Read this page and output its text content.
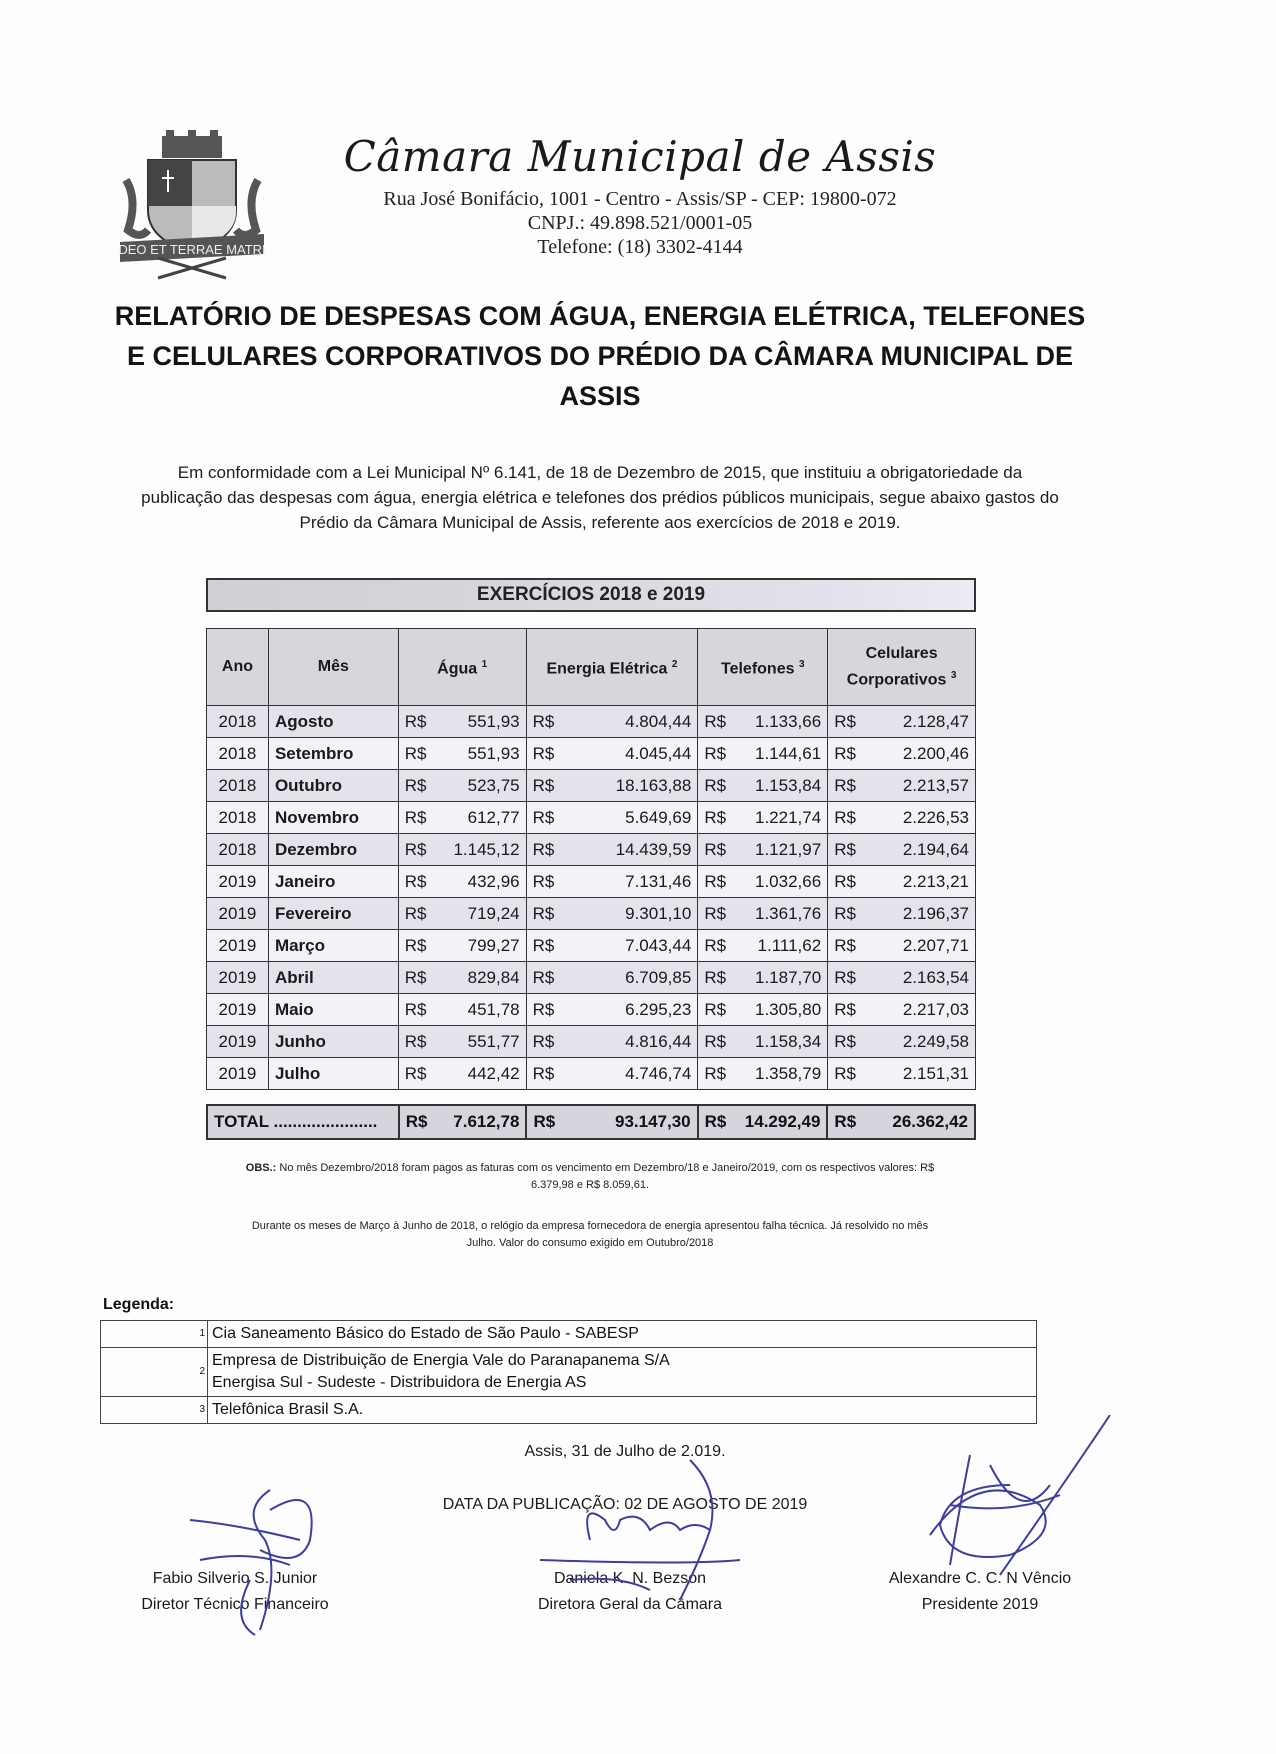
DEO ET TERRAE MATRI
Câmara Municipal de Assis
Rua José Bonifácio, 1001 - Centro - Assis/SP - CEP: 19800-072
CNPJ.: 49.898.521/0001-05
Telefone: (18) 3302-4144
RELATÓRIO DE DESPESAS COM ÁGUA, ENERGIA ELÉTRICA, TELEFONES
E CELULARES CORPORATIVOS DO PRÉDIO DA CÂMARA MUNICIPAL DE
ASSIS
Em conformidade com a Lei Municipal Nº 6.141, de 18 de Dezembro de 2015, que instituiu a obrigatoriedade da
publicação das despesas com água, energia elétrica e telefones dos prédios públicos municipais, segue abaixo gastos do
Prédio da Câmara Municipal de Assis, referente aos exercícios de 2018 e 2019.
EXERCÍCIOS 2018 e 2019
Ano	Mês	Água $^1$	Energia Elétrica $^2$	Telefones $^3$	Celulares
Corporativos $^3$
2018	Agosto	R$ 551,93	R$ 4.804,44	R$ 1.133,66	R$ 2.128,47

2018	Setembro	R$ 551,93	R$ 4.045,44	R$ 1.144,61	R$ 2.200,46

2018	Outubro	R$ 523,75	R$ 18.163,88	R$ 1.153,84	R$ 2.213,57

2018	Novembro	R$ 612,77	R$ 5.649,69	R$ 1.221,74	R$ 2.226,53

2018	Dezembro	R$ 1.145,12	R$ 14.439,59	R$ 1.121,97	R$ 2.194,64

2019	Janeiro	R$ 432,96	R$ 7.131,46	R$ 1.032,66	R$ 2.213,21

2019	Fevereiro	R$ 719,24	R$ 9.301,10	R$ 1.361,76	R$ 2.196,37

2019	Março	R$ 799,27	R$ 7.043,44	R$ 1.111,62	R$ 2.207,71

2019	Abril	R$ 829,84	R$ 6.709,85	R$ 1.187,70	R$ 2.163,54

2019	Maio	R$ 451,78	R$ 6.295,23	R$ 1.305,80	R$ 2.217,03

2019	Junho	R$ 551,77	R$ 4.816,44	R$ 1.158,34	R$ 2.249,58

2019	Julho	R$ 442,42	R$ 4.746,74	R$ 1.358,79	R$ 2.151,31
TOTAL ......................	R$	7.612,78	R$	93.147,30	R$	14.292,49	R$	26.362,42
OBS.: No mês Dezembro/2018 foram pagos as faturas com os vencimento em Dezembro/18 e Janeiro/2019, com os respectivos valores: R$
6.379,98 e R$ 8.059,61.
Durante os meses de Março à Junho de 2018, o relógio da empresa fornecedora de energia apresentou falha técnica. Já resolvido no mês
Julho. Valor do consumo exigido em Outubro/2018
Legenda:
1	Cia Saneamento Básico do Estado de São Paulo - SABESP
2	Empresa de Distribuição de Energia Vale do Paranapanema S/A
Energisa Sul - Sudeste - Distribuidora de Energia AS

3	Telefônica Brasil S.A.
Assis, 31 de Julho de 2.019.
DATA DA PUBLICAÇÃO: 02 DE AGOSTO DE 2019
Fabio Silverio S. Junior
Diretor Técnico Financeiro
Daniela K. N. Bezson
Diretora Geral da Câmara
Alexandre C. C. N Vêncio
Presidente 2019
